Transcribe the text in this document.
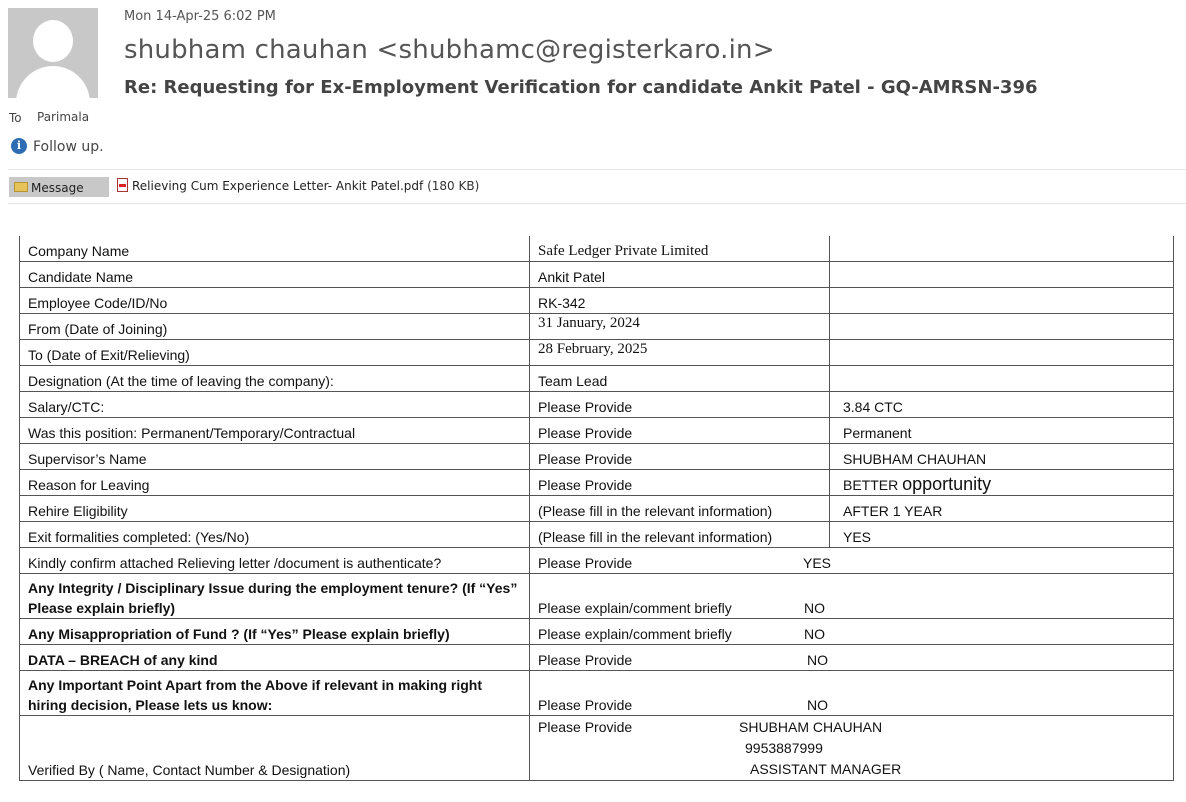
Mon 14-Apr-25 6:02 PM
shubham chauhan <shubhamc@registerkaro.in>
Re: Requesting for Ex-Employment Verification for candidate Ankit Patel - GQ-AMRSN-396
To Parimala
i Follow up.
Message	Relieving Cum Experience Letter- Ankit Patel.pdf (180 KB)
Company Name	Safe Ledger Private Limited	
Candidate Name	Ankit Patel	
Employee Code/ID/No	RK-342	
From (Date of Joining)	31 January, 2024	
To (Date of Exit/Relieving)	28 February, 2025	
Designation (At the time of leaving the company):	Team Lead	
Salary/CTC:	Please Provide	3.84 CTC
Was this position: Permanent/Temporary/Contractual	Please Provide	Permanent
Supervisor’s Name	Please Provide	SHUBHAM CHAUHAN
Reason for Leaving	Please Provide	BETTER opportunity
Rehire Eligibility	(Please fill in the relevant information)	AFTER 1 YEAR
Exit formalities completed: (Yes/No)	(Please fill in the relevant information)	YES
Kindly confirm attached Relieving letter /document is authenticate?	Please Provide YES	
Any Integrity / Disciplinary Issue during the employment tenure? (If “Yes” Please explain briefly)	Please explain/comment briefly NO	
Any Misappropriation of Fund ? (If “Yes” Please explain briefly)	Please explain/comment briefly NO	
DATA – BREACH of any kind	Please Provide NO	
Any Important Point Apart from the Above if relevant in making right hiring decision, Please lets us know:	Please Provide NO	
Verified By ( Name, Contact Number & Designation)	Please Provide SHUBHAM CHAUHAN
9953887999
ASSISTANT MANAGER	
